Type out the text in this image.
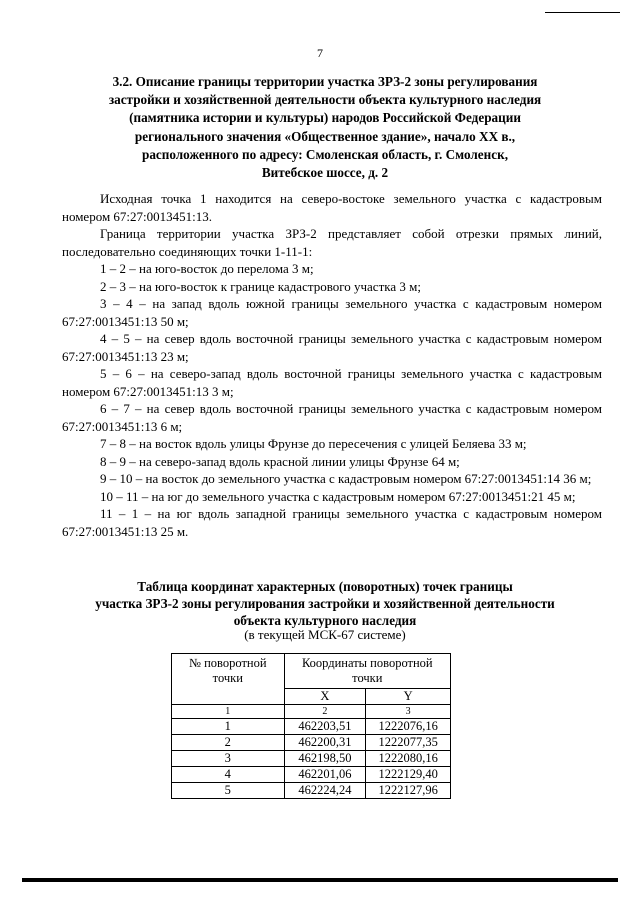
7
3.2. Описание границы территории участка ЗРЗ-2 зоны регулирования
застройки и хозяйственной деятельности объекта культурного наследия
(памятника истории и культуры) народов Российской Федерации
регионального значения «Общественное здание», начало XX в.,
расположенного по адресу: Смоленская область, г. Смоленск,
Витебское шоссе, д. 2

Исходная точка 1 находится на северо-востоке земельного участка с кадастровым номером 67:27:0013451:13.

Граница территории участка ЗРЗ-2 представляет собой отрезки прямых линий, последовательно соединяющих точки 1-11-1:

1 – 2 – на юго-восток до перелома 3 м;

2 – 3 – на юго-восток к границе кадастрового участка 3 м;

3 – 4 – на запад вдоль южной границы земельного участка с кадастровым номером 67:27:0013451:13 50 м;

4 – 5 – на север вдоль восточной границы земельного участка с кадастровым номером 67:27:0013451:13 23 м;

5 – 6 – на северо-запад вдоль восточной границы земельного участка с кадастровым номером 67:27:0013451:13 3 м;

6 – 7 – на север вдоль восточной границы земельного участка с кадастровым номером 67:27:0013451:13 6 м;

7 – 8 – на восток вдоль улицы Фрунзе до пересечения с улицей Беляева 33 м;

8 – 9 – на северо-запад вдоль красной линии улицы Фрунзе 64 м;

9 – 10 – на восток до земельного участка с кадастровым номером 67:27:0013451:14 36 м;

10 – 11 – на юг до земельного участка с кадастровым номером 67:27:0013451:21 45 м;

11 – 1 – на юг вдоль западной границы земельного участка с кадастровым номером 67:27:0013451:13 25 м.

Таблица координат характерных (поворотных) точек границы
участка ЗРЗ-2 зоны регулирования застройки и хозяйственной деятельности
объекта культурного наследия
(в текущей МСК-67 системе)
№ поворотной точки	Координаты поворотной точки	
	X	Y
1	2	3
1	462203,51	1222076,16
2	462200,31	1222077,35
3	462198,50	1222080,16
4	462201,06	1222129,40
5	462224,24	1222127,96
